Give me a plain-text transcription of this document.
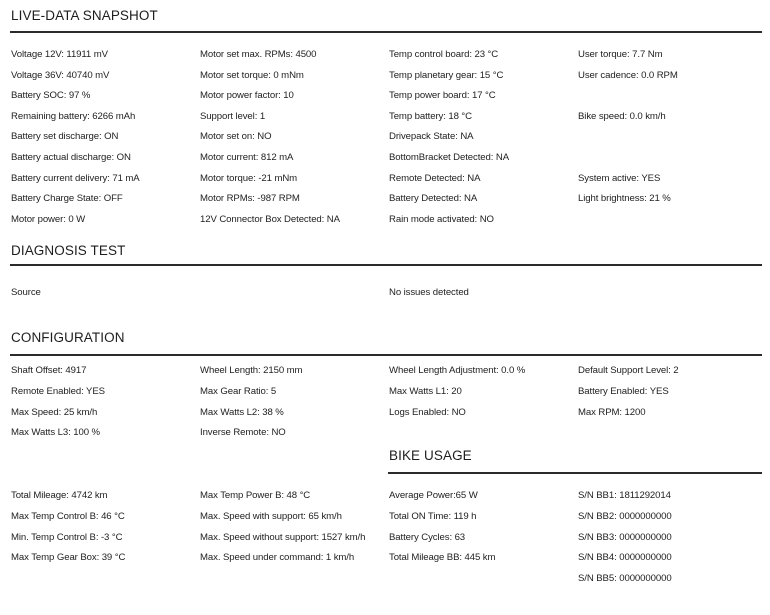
LIVE-DATA SNAPSHOT
Voltage 12V: 11911 mV
Voltage 36V: 40740 mV
Battery SOC: 97 %
Remaining battery: 6266 mAh
Battery set discharge: ON
Battery actual discharge: ON
Battery current delivery: 71 mA
Battery Charge State: OFF
Motor power: 0 W
Motor set max. RPMs: 4500
Motor set torque: 0 mNm
Motor power factor: 10
Support level: 1
Motor set on: NO
Motor current: 812 mA
Motor torque: -21 mNm
Motor RPMs: -987 RPM
12V Connector Box Detected: NA
Temp control board: 23 °C
Temp planetary gear: 15 °C
Temp power board: 17 °C
Temp battery: 18 °C
Drivepack State: NA
BottomBracket Detected: NA
Remote Detected: NA
Battery Detected: NA
Rain mode activated: NO
User torque: 7.7 Nm
User cadence: 0.0 RPM
Bike speed: 0.0 km/h
System active: YES
Light brightness: 21 %
DIAGNOSIS TEST
Source	No issues detected
CONFIGURATION
Shaft Offset: 4917
Remote Enabled: YES
Max Speed: 25 km/h
Max Watts L3: 100 %
Wheel Length: 2150 mm
Max Gear Ratio: 5
Max Watts L2: 38 %
Inverse Remote: NO
Wheel Length Adjustment: 0.0 %
Max Watts L1: 20
Logs Enabled: NO
Default Support Level: 2
Battery Enabled: YES
Max RPM: 1200
BIKE USAGE
Total Mileage: 4742 km
Max Temp Control B: 46 °C
Min. Temp Control B: -3 °C
Max Temp Gear Box: 39 °C
Max Temp Power B: 48 °C
Max. Speed with support: 65 km/h
Max. Speed without support: 1527 km/h
Max. Speed under command: 1 km/h
Average Power:65 W
Total ON Time: 119 h
Battery Cycles: 63
Total Mileage BB: 445 km
S/N BB1: 1811292014
S/N BB2: 0000000000
S/N BB3: 0000000000
S/N BB4: 0000000000
S/N BB5: 0000000000
